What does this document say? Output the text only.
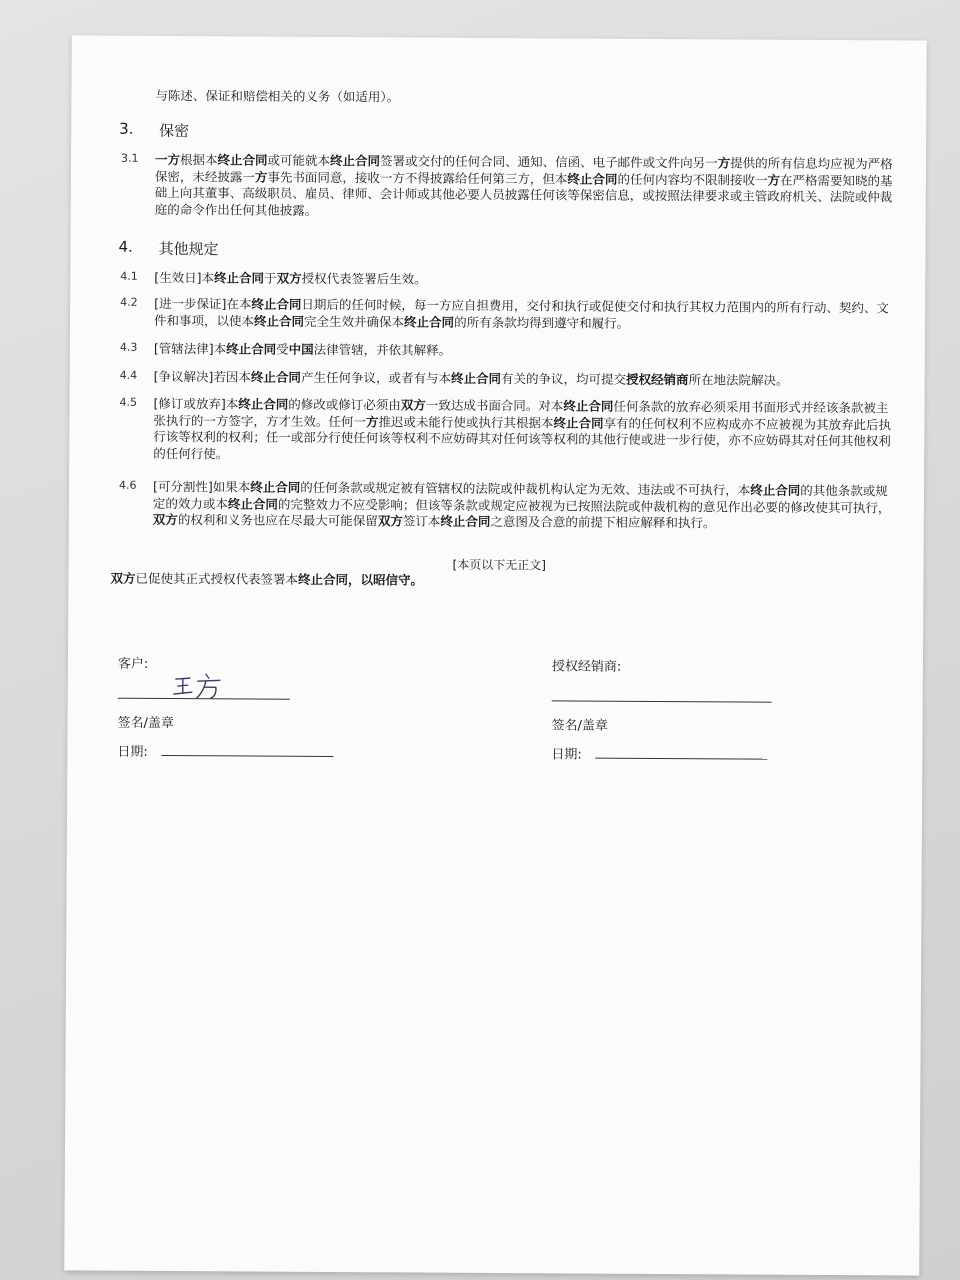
与陈述、保证和赔偿相关的义务（如适用）。
3. 保密
3.1 一方根据本终止合同或可能就本终止合同签署或交付的任何合同、通知、信函、电子邮件或文件向另一方提供的所有信息均应视为严格保密，未经披露一方事先书面同意，接收一方不得披露给任何第三方，但本终止合同的任何内容均不限制接收一方在严格需要知晓的基础上向其董事、高级职员、雇员、律师、会计师或其他必要人员披露任何该等保密信息，或按照法律要求或主管政府机关、法院或仲裁庭的命令作出任何其他披露。
4. 其他规定
4.1 [生效日]本终止合同于双方授权代表签署后生效。
4.2 [进一步保证]在本终止合同日期后的任何时候，每一方应自担费用，交付和执行或促使交付和执行其权力范围内的所有行动、契约、文件和事项，以使本终止合同完全生效并确保本终止合同的所有条款均得到遵守和履行。
4.3 [管辖法律]本终止合同受中国法律管辖，并依其解释。
4.4 [争议解决]若因本终止合同产生任何争议，或者有与本终止合同有关的争议，均可提交授权经销商所在地法院解决。
4.5 [修订或放弃]本终止合同的修改或修订必须由双方一致达成书面合同。对本终止合同任何条款的放弃必须采用书面形式并经该条款被主张执行的一方签字，方才生效。任何一方推迟或未能行使或执行其根据本终止合同享有的任何权利不应构成亦不应被视为其放弃此后执行该等权利的权利；任一或部分行使任何该等权利不应妨碍其对任何该等权利的其他行使或进一步行使，亦不应妨碍其对任何其他权利的任何行使。
4.6 [可分割性]如果本终止合同的任何条款或规定被有管辖权的法院或仲裁机构认定为无效、违法或不可执行，本终止合同的其他条款或规定的效力或本终止合同的完整效力不应受影响；但该等条款或规定应被视为已按照法院或仲裁机构的意见作出必要的修改使其可执行，双方的权利和义务也应在尽最大可能保留双方签订本终止合同之意图及合意的前提下相应解释和执行。
[本页以下无正文]
双方已促使其正式授权代表签署本终止合同，以昭信守。
客户:
签名/盖章
日期:
授权经销商:
签名/盖章
日期:
